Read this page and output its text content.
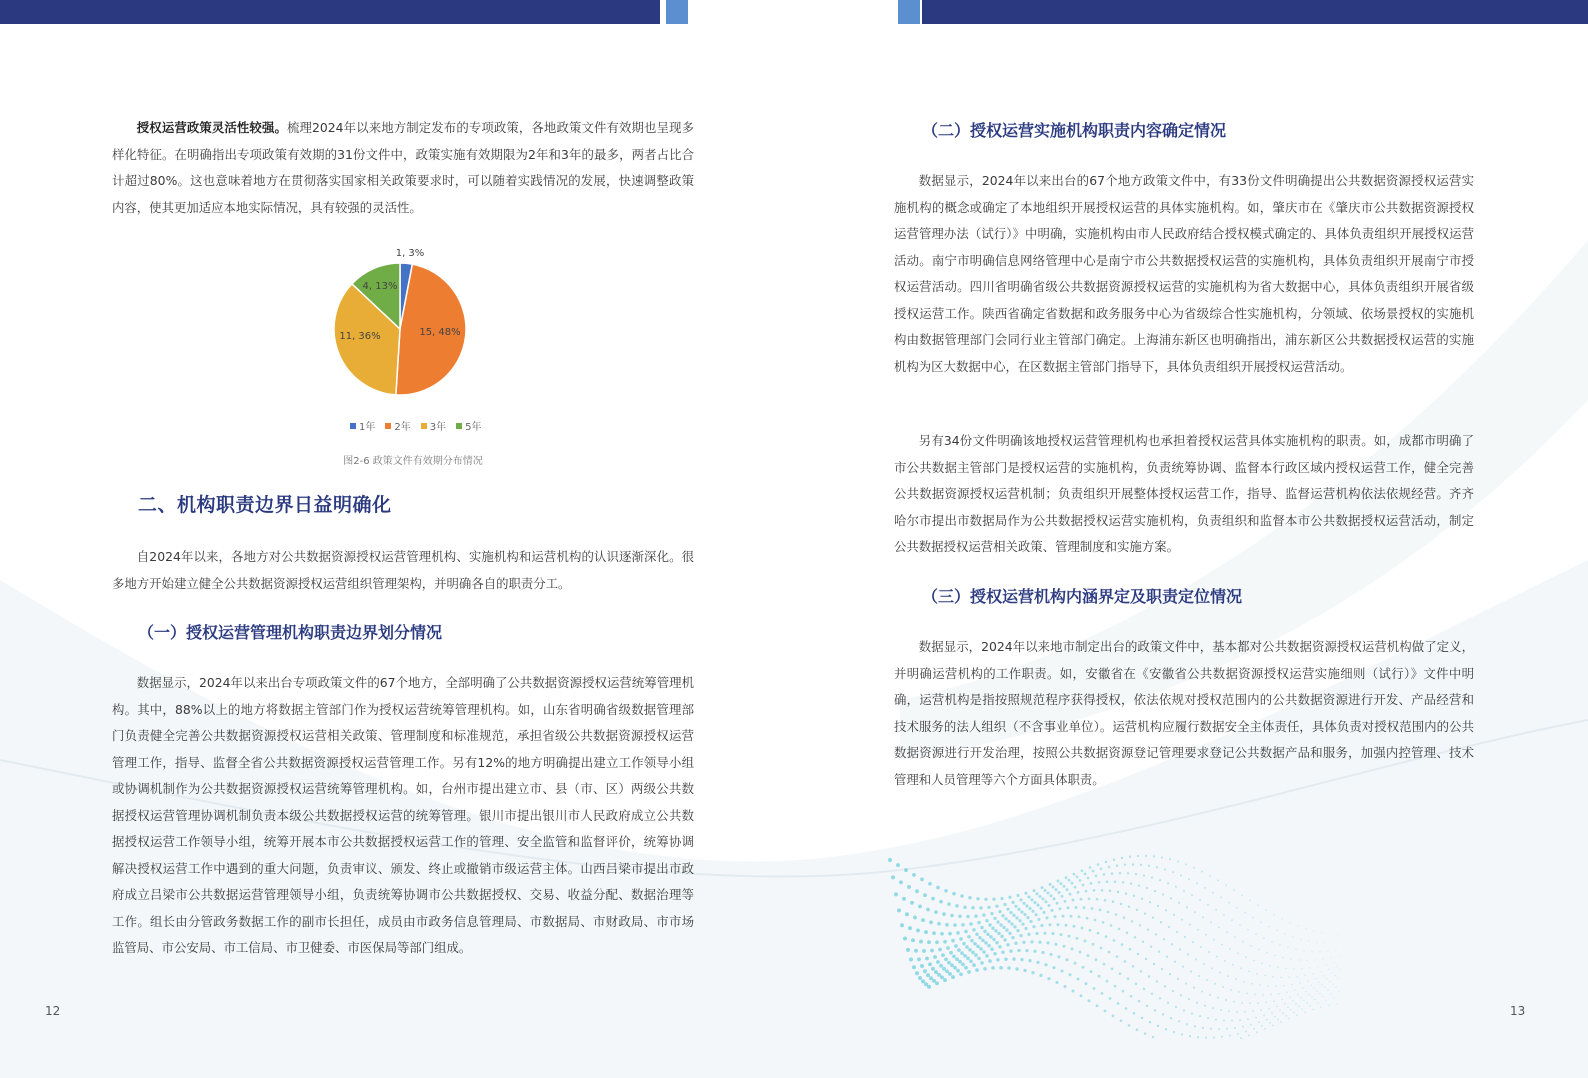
授权运营政策灵活性较强。梳理2024年以来地方制定发布的专项政策，各地政策文件有效期也呈现多样化特征。在明确指出专项政策有效期的31份文件中，政策实施有效期限为2年和3年的最多，两者占比合计超过80%。这也意味着地方在贯彻落实国家相关政策要求时，可以随着实践情况的发展，快速调整政策内容，使其更加适应本地实际情况，具有较强的灵活性。

1, 3%
15, 48%
11, 36%
4, 13%
1年 2年 3年 5年
图2-6 政策文件有效期分布情况
二、机构职责边界日益明确化

自2024年以来，各地方对公共数据资源授权运营管理机构、实施机构和运营机构的认识逐渐深化。很多地方开始建立健全公共数据资源授权运营组织管理架构，并明确各自的职责分工。

（一）授权运营管理机构职责边界划分情况

数据显示，2024年以来出台专项政策文件的67个地方，全部明确了公共数据资源授权运营统筹管理机构。其中，88%以上的地方将数据主管部门作为授权运营统筹管理机构。如，山东省明确省级数据管理部门负责健全完善公共数据资源授权运营相关政策、管理制度和标准规范，承担省级公共数据资源授权运营管理工作，指导、监督全省公共数据资源授权运营管理工作。另有12%的地方明确提出建立工作领导小组或协调机制作为公共数据资源授权运营统筹管理机构。如，台州市提出建立市、县（市、区）两级公共数据授权运营管理协调机制负责本级公共数据授权运营的统筹管理。银川市提出银川市人民政府成立公共数据授权运营工作领导小组，统筹开展本市公共数据授权运营工作的管理、安全监管和监督评价，统筹协调解决授权运营工作中遇到的重大问题，负责审议、颁发、终止或撤销市级运营主体。山西吕梁市提出市政府成立吕梁市公共数据运营管理领导小组，负责统筹协调市公共数据授权、交易、收益分配、数据治理等工作。组长由分管政务数据工作的副市长担任，成员由市政务信息管理局、市数据局、市财政局、市市场监管局、市公安局、市工信局、市卫健委、市医保局等部门组成。

12
（二）授权运营实施机构职责内容确定情况

数据显示，2024年以来出台的67个地方政策文件中，有33份文件明确提出公共数据资源授权运营实施机构的概念或确定了本地组织开展授权运营的具体实施机构。如，肇庆市在《肇庆市公共数据资源授权运营管理办法（试行）》中明确，实施机构由市人民政府结合授权模式确定的、具体负责组织开展授权运营活动。南宁市明确信息网络管理中心是南宁市公共数据授权运营的实施机构，具体负责组织开展南宁市授权运营活动。四川省明确省级公共数据资源授权运营的实施机构为省大数据中心，具体负责组织开展省级授权运营工作。陕西省确定省数据和政务服务中心为省级综合性实施机构，分领域、依场景授权的实施机构由数据管理部门会同行业主管部门确定。上海浦东新区也明确指出，浦东新区公共数据授权运营的实施机构为区大数据中心，在区数据主管部门指导下，具体负责组织开展授权运营活动。

另有34份文件明确该地授权运营管理机构也承担着授权运营具体实施机构的职责。如，成都市明确了市公共数据主管部门是授权运营的实施机构，负责统筹协调、监督本行政区域内授权运营工作，健全完善公共数据资源授权运营机制；负责组织开展整体授权运营工作，指导、监督运营机构依法依规经营。齐齐哈尔市提出市数据局作为公共数据授权运营实施机构，负责组织和监督本市公共数据授权运营活动，制定公共数据授权运营相关政策、管理制度和实施方案。

（三）授权运营机构内涵界定及职责定位情况

数据显示，2024年以来地市制定出台的政策文件中，基本都对公共数据资源授权运营机构做了定义，并明确运营机构的工作职责。如，安徽省在《安徽省公共数据资源授权运营实施细则（试行）》文件中明确，运营机构是指按照规范程序获得授权，依法依规对授权范围内的公共数据资源进行开发、产品经营和技术服务的法人组织（不含事业单位）。运营机构应履行数据安全主体责任，具体负责对授权范围内的公共数据资源进行开发治理，按照公共数据资源登记管理要求登记公共数据产品和服务，加强内控管理、技术管理和人员管理等六个方面具体职责。

13
